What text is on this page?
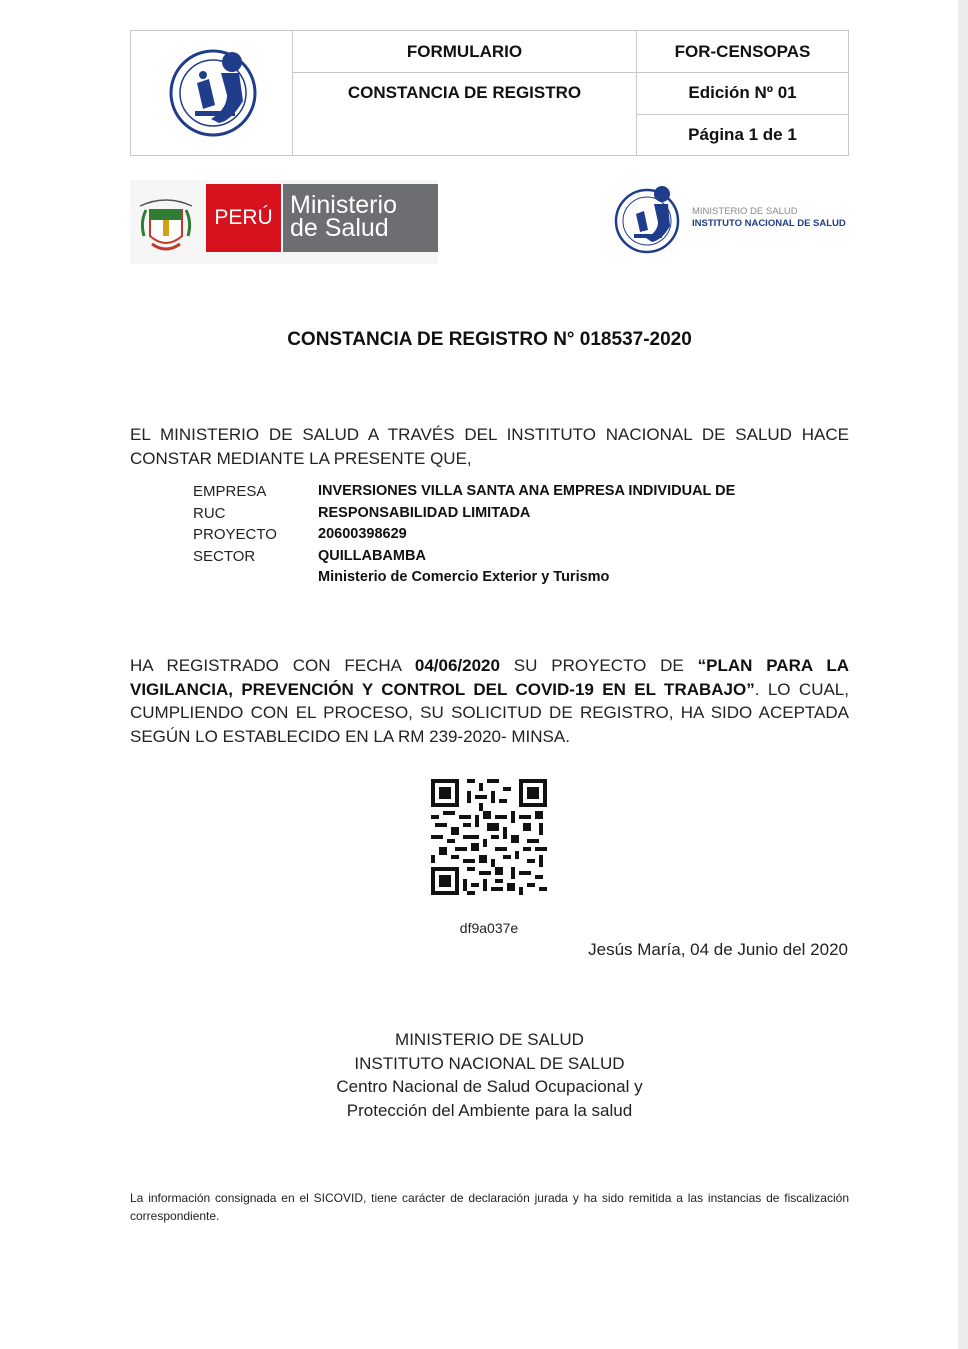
FORMULARIO
CONSTANCIA DE REGISTRO
FOR-CENSOPAS
Edición Nº 01
Página 1 de 1
PERÚ Ministerio
de Salud
MINISTERIO DE SALUD
INSTITUTO NACIONAL DE SALUD
CONSTANCIA DE REGISTRO N° 018537-2020
EL MINISTERIO DE SALUD A TRAVÉS DEL INSTITUTO NACIONAL DE SALUD HACE CONSTAR MEDIANTE LA PRESENTE QUE,
EMPRESA
RUC
PROYECTO
SECTOR
INVERSIONES VILLA SANTA ANA EMPRESA INDIVIDUAL DE
RESPONSABILIDAD LIMITADA
20600398629
QUILLABAMBA
Ministerio de Comercio Exterior y Turismo
HA REGISTRADO CON FECHA 04/06/2020 SU PROYECTO DE “PLAN PARA LA VIGILANCIA, PREVENCIÓN Y CONTROL DEL COVID-19 EN EL TRABAJO”. LO CUAL, CUMPLIENDO CON EL PROCESO, SU SOLICITUD DE REGISTRO, HA SIDO ACEPTADA SEGÚN LO ESTABLECIDO EN LA RM 239-2020- MINSA.
df9a037e
Jesús María, 04 de Junio del 2020
MINISTERIO DE SALUD
INSTITUTO NACIONAL DE SALUD
Centro Nacional de Salud Ocupacional y
Protección del Ambiente para la salud
La información consignada en el SICOVID, tiene carácter de declaración jurada y ha sido remitida a las instancias de fiscalización correspondiente.
